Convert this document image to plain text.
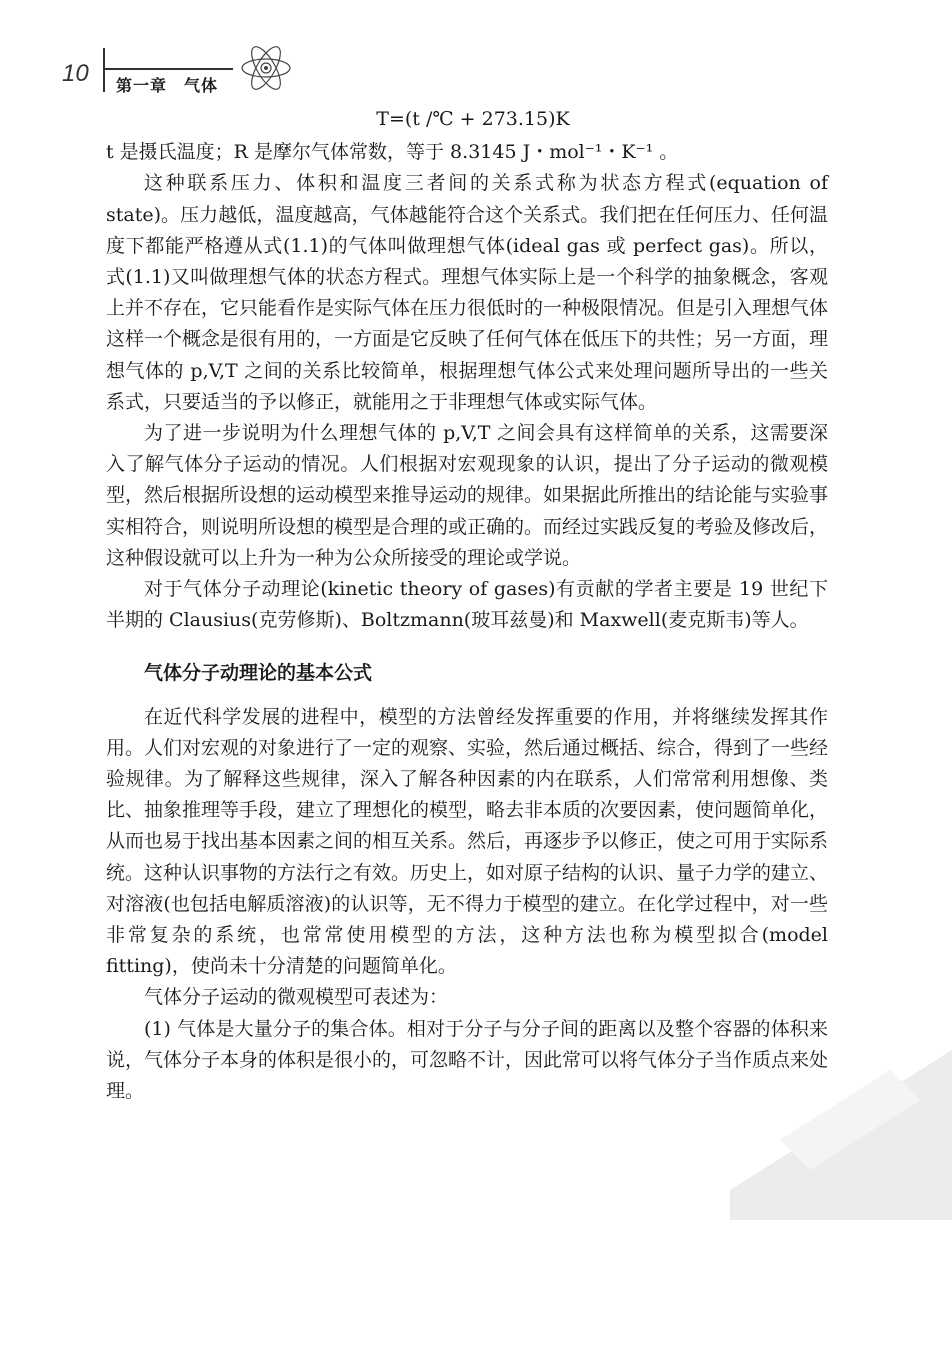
10 第一章　气体
T=(t /℃ + 273.15)K

t 是摄氏温度；R 是摩尔气体常数，等于 8.3145 J・mol⁻¹・K⁻¹ 。

这种联系压力、体积和温度三者间的关系式称为状态方程式(equation of state)。压力越低，温度越高，气体越能符合这个关系式。我们把在任何压力、任何温度下都能严格遵从式(1.1)的气体叫做理想气体(ideal gas 或 perfect gas)。所以，式(1.1)又叫做理想气体的状态方程式。理想气体实际上是一个科学的抽象概念，客观上并不存在，它只能看作是实际气体在压力很低时的一种极限情况。但是引入理想气体这样一个概念是很有用的，一方面是它反映了任何气体在低压下的共性；另一方面，理想气体的 p,V,T 之间的关系比较简单，根据理想气体公式来处理问题所导出的一些关系式，只要适当的予以修正，就能用之于非理想气体或实际气体。

为了进一步说明为什么理想气体的 p,V,T 之间会具有这样简单的关系，这需要深入了解气体分子运动的情况。人们根据对宏观现象的认识，提出了分子运动的微观模型，然后根据所设想的运动模型来推导运动的规律。如果据此所推出的结论能与实验事实相符合，则说明所设想的模型是合理的或正确的。而经过实践反复的考验及修改后，这种假设就可以上升为一种为公众所接受的理论或学说。

对于气体分子动理论(kinetic theory of gases)有贡献的学者主要是 19 世纪下半期的 Clausius(克劳修斯)、Boltzmann(玻耳兹曼)和 Maxwell(麦克斯韦)等人。

气体分子动理论的基本公式

在近代科学发展的进程中，模型的方法曾经发挥重要的作用，并将继续发挥其作用。人们对宏观的对象进行了一定的观察、实验，然后通过概括、综合，得到了一些经验规律。为了解释这些规律，深入了解各种因素的内在联系，人们常常利用想像、类比、抽象推理等手段，建立了理想化的模型，略去非本质的次要因素，使问题简单化，从而也易于找出基本因素之间的相互关系。然后，再逐步予以修正，使之可用于实际系统。这种认识事物的方法行之有效。历史上，如对原子结构的认识、量子力学的建立、对溶液(也包括电解质溶液)的认识等，无不得力于模型的建立。在化学过程中，对一些非常复杂的系统，也常常使用模型的方法，这种方法也称为模型拟合(model fitting)，使尚未十分清楚的问题简单化。

气体分子运动的微观模型可表述为：

(1) 气体是大量分子的集合体。相对于分子与分子间的距离以及整个容器的体积来说，气体分子本身的体积是很小的，可忽略不计，因此常可以将气体分子当作质点来处理。
